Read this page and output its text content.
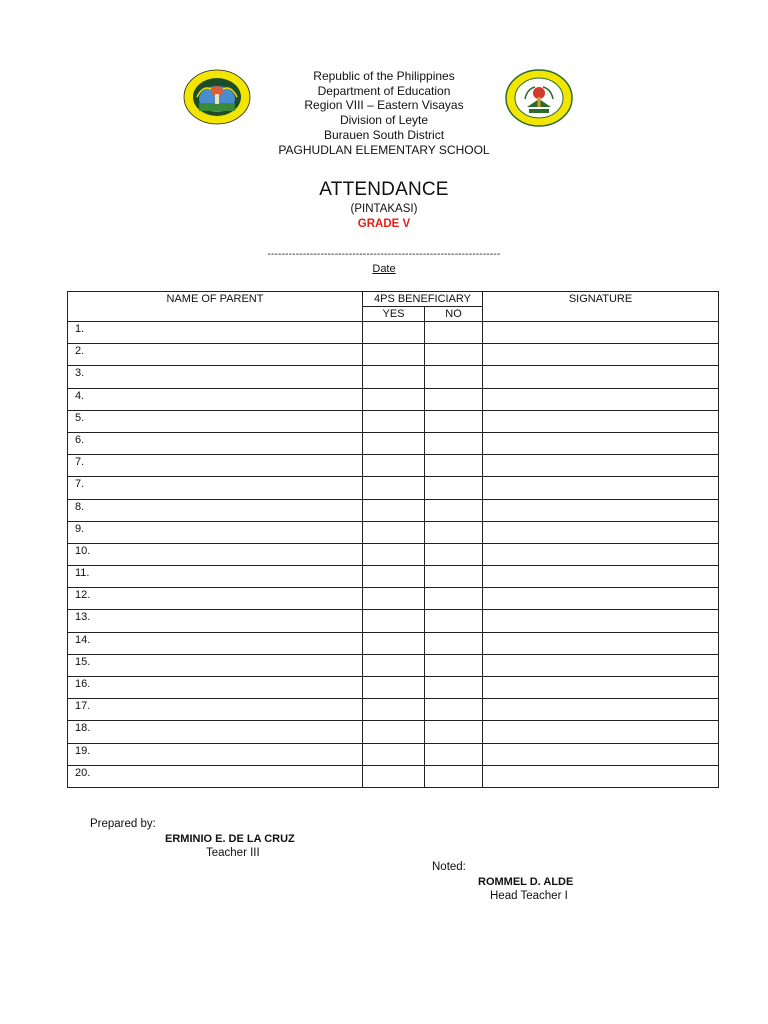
Republic of the Philippines
Department of Education
Region VIII – Eastern Visayas
Division of Leyte
Burauen South District
PAGHUDLAN ELEMENTARY SCHOOL
ATTENDANCE
(PINTAKASI)
GRADE V
------------------------------------------------------------------
Date
NAME OF PARENT	4PS BENEFICIARY		SIGNATURE
	YES	NO	
1.			
2.			
3.			
4.			
5.			
6.			
7.			
7.			
8.			
9.			
10.			
11.			
12.			
13.			
14.			
15.			
16.			
17.			
18.			
19.			
20.			
Prepared by:
ERMINIO E. DE LA CRUZ
Teacher III
Noted:
ROMMEL D. ALDE
Head Teacher I
